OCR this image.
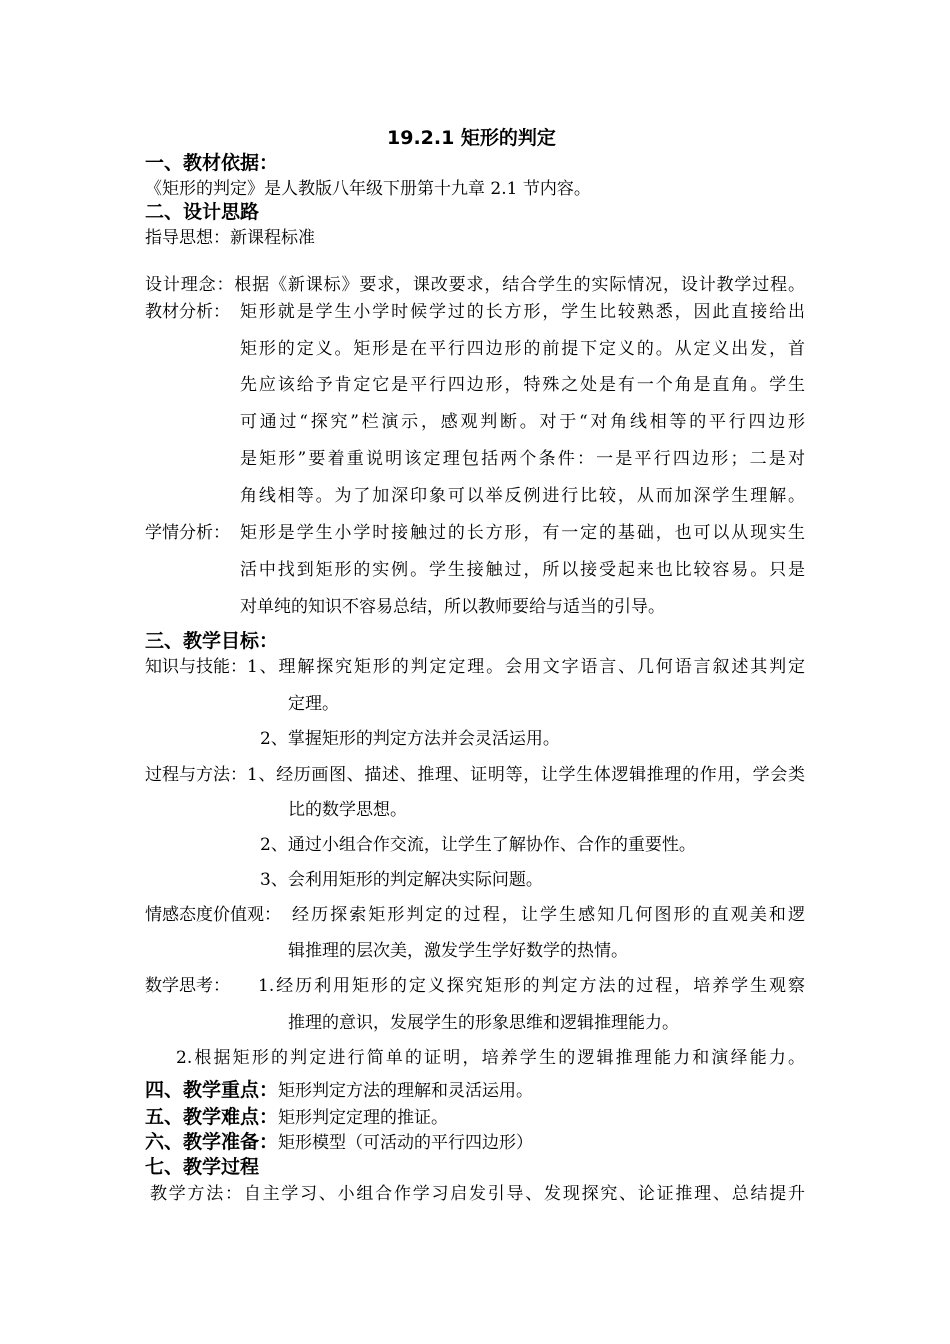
19.2.1 矩形的判定
一、教材依据：
《矩形的判定》是人教版八年级下册第十九章 2.1 节内容。
二、设计思路
指导思想：新课程标准
设计理念：根据《新课标》要求，课改要求，结合学生的实际情况，设计教学过程。
教材分析： 矩形就是学生小学时候学过的长方形，学生比较熟悉，因此直接给出
矩形的定义。矩形是在平行四边形的前提下定义的。从定义出发，首
先应该给予肯定它是平行四边形，特殊之处是有一个角是直角。学生
可通过“探究”栏演示，感观判断。对于“对角线相等的平行四边形
是矩形”要着重说明该定理包括两个条件：一是平行四边形；二是对
角线相等。为了加深印象可以举反例进行比较，从而加深学生理解。
学情分析： 矩形是学生小学时接触过的长方形，有一定的基础，也可以从现实生
活中找到矩形的实例。学生接触过，所以接受起来也比较容易。只是
对单纯的知识不容易总结，所以教师要给与适当的引导。
三、教学目标：
知识与技能： 1、理解探究矩形的判定定理。会用文字语言、几何语言叙述其判定
定理。
2、掌握矩形的判定方法并会灵活运用。
过程与方法： 1、经历画图、描述、推理、证明等，让学生体逻辑推理的作用，学会类
比的数学思想。
2、通过小组合作交流，让学生了解协作、合作的重要性。
3、会利用矩形的判定解决实际问题。
情感态度价值观： 经历探索矩形判定的过程，让学生感知几何图形的直观美和逻
辑推理的层次美，激发学生学好数学的热情。
数学思考： 1.经历利用矩形的定义探究矩形的判定方法的过程，培养学生观察
推理的意识，发展学生的形象思维和逻辑推理能力。
2.根据矩形的判定进行简单的证明，培养学生的逻辑推理能力和演绎能力。
四、教学重点：矩形判定方法的理解和灵活运用。
五、教学难点：矩形判定定理的推证。
六、教学准备：矩形模型（可活动的平行四边形）
七、教学过程
教学方法：自主学习、小组合作学习启发引导、发现探究、论证推理、总结提升
